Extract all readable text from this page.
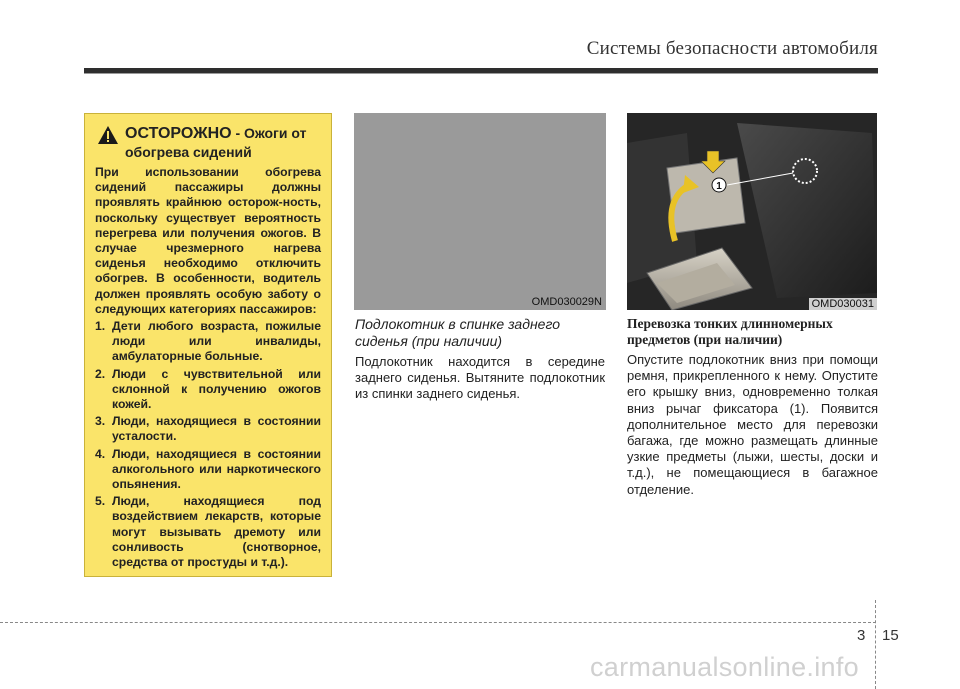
Системы безопасности автомобиля
ОСТОРОЖНО - Ожоги от обогрева сидений
При использовании обогрева сидений пассажиры должны проявлять крайнюю осторож-ность, поскольку существует вероятность перегрева или получения ожогов. В случае чрезмерного нагрева сиденья необходимо отключить обогрев. В особенности, водитель должен проявлять особую заботу о следующих категориях пассажиров:
1. Дети любого возраста, пожилые люди или инвалиды, амбулаторные больные.
2. Люди с чувствительной или склонной к получению ожогов кожей.
3. Люди, находящиеся в состоянии усталости.
4. Люди, находящиеся в состоянии алкогольного или наркотического опьянения.
5. Люди, находящиеся под воздействием лекарств, которые могут вызывать дремоту или сонливость (снотворное, средства от простуды и т.д.).
OMD030029N
1
OMD030031
Подлокотник в спинке заднего сиденья (при наличии)

Подлокотник находится в середине заднего сиденья. Вытяните подлокотник из спинки заднего сиденья.

Перевозка тонких длинномерных предметов (при наличии)

Опустите подлокотник вниз при помощи ремня, прикрепленного к нему. Опустите его крышку вниз, одновременно толкая вниз рычаг фиксатора (1). Появится дополнительное место для перевозки багажа, где можно размещать длинные узкие предметы (лыжи, шесты, доски и т.д.), не помещающиеся в багажное отделение.

3 15
carmanualsonline.info
